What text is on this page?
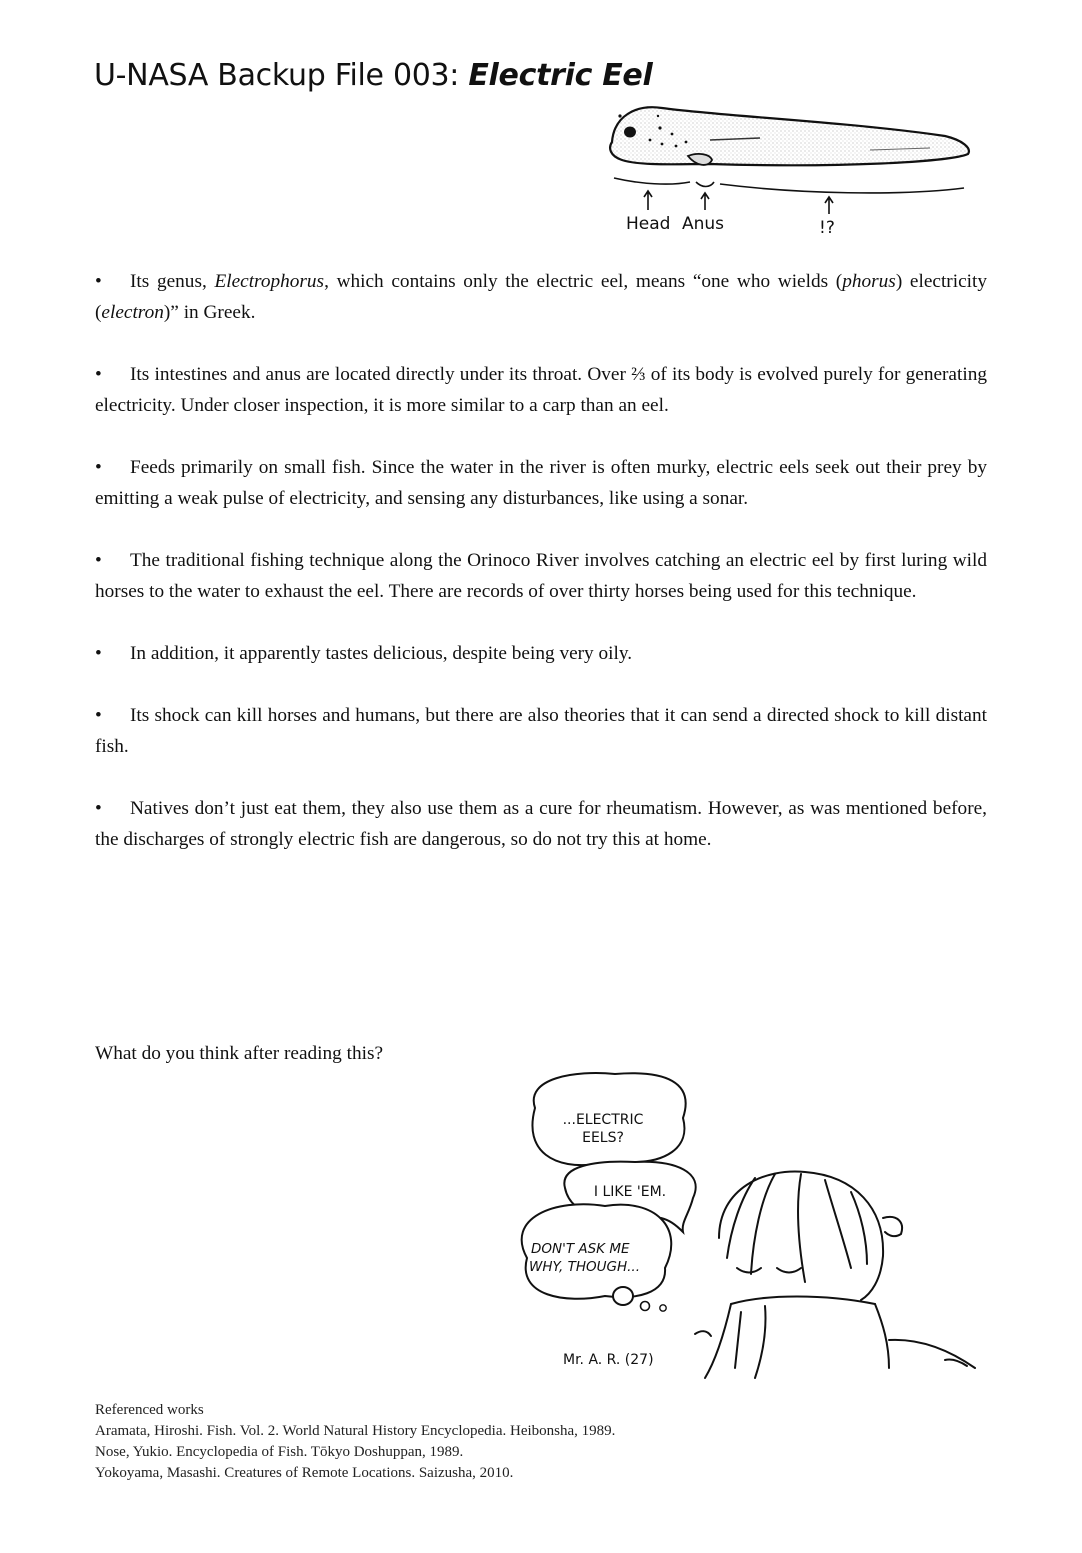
U-NASA Backup File 003: Electric Eel
Head Anus	!?
• Its genus, Electrophorus, which contains only the electric eel, means “one who wields (phorus) electricity (electron)” in Greek.
• Its intestines and anus are located directly under its throat. Over ⅔ of its body is evolved purely for generating electricity. Under closer inspection, it is more similar to a carp than an eel.
• Feeds primarily on small fish. Since the water in the river is often murky, electric eels seek out their prey by emitting a weak pulse of electricity, and sensing any disturbances, like using a sonar.
• The traditional fishing technique along the Orinoco River involves catching an electric eel by first luring wild horses to the water to exhaust the eel. There are records of over thirty horses being used for this technique.
• In addition, it apparently tastes delicious, despite being very oily.
• Its shock can kill horses and humans, but there are also theories that it can send a directed shock to kill distant fish.
• Natives don’t just eat them, they also use them as a cure for rheumatism. However, as was mentioned before, the discharges of strongly electric fish are dangerous, so do not try this at home.

What do you think after reading this?

...ELECTRIC
EELS?
I LIKE 'EM.
DON'T ASK ME
WHY, THOUGH...
Mr. A. R. (27)
Referenced works
Aramata, Hiroshi. Fish. Vol. 2. World Natural History Encyclopedia. Heibonsha, 1989.
Nose, Yukio. Encyclopedia of Fish. Tōkyo Doshuppan, 1989.
Yokoyama, Masashi. Creatures of Remote Locations. Saizusha, 2010.
